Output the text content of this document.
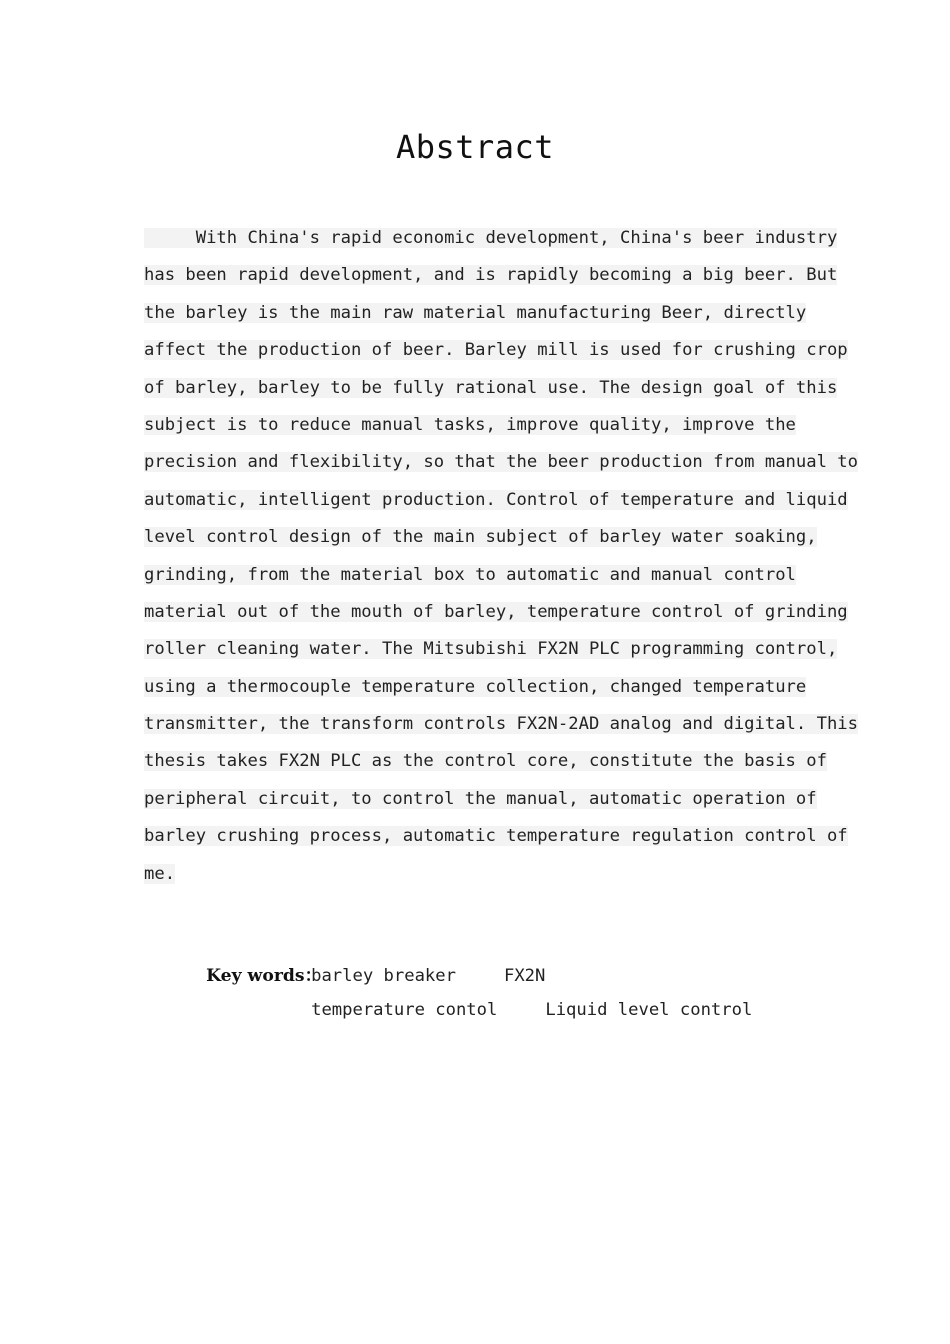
Abstract
With China's rapid economic development, China's beer industry
has been rapid development, and is rapidly becoming a big beer. But
the barley is the main raw material manufacturing Beer, directly
affect the production of beer. Barley mill is used for crushing crop
of barley, barley to be fully rational use. The design goal of this
subject is to reduce manual tasks, improve quality, improve the
precision and flexibility, so that the beer production from manual to
automatic, intelligent production. Control of temperature and liquid
level control design of the main subject of barley water soaking,
grinding, from the material box to automatic and manual control
material out of the mouth of barley, temperature control of grinding
roller cleaning water. The Mitsubishi FX2N PLC programming control,
using a thermocouple temperature collection, changed temperature
transmitter, the transform controls FX2N-2AD analog and digital. This
thesis takes FX2N PLC as the control core, constitute the basis of
peripheral circuit, to control the manual, automatic operation of
barley crushing process, automatic temperature regulation control of
me.

Key words：barley breaker	FX2N

temperature contol	Liquid level control
